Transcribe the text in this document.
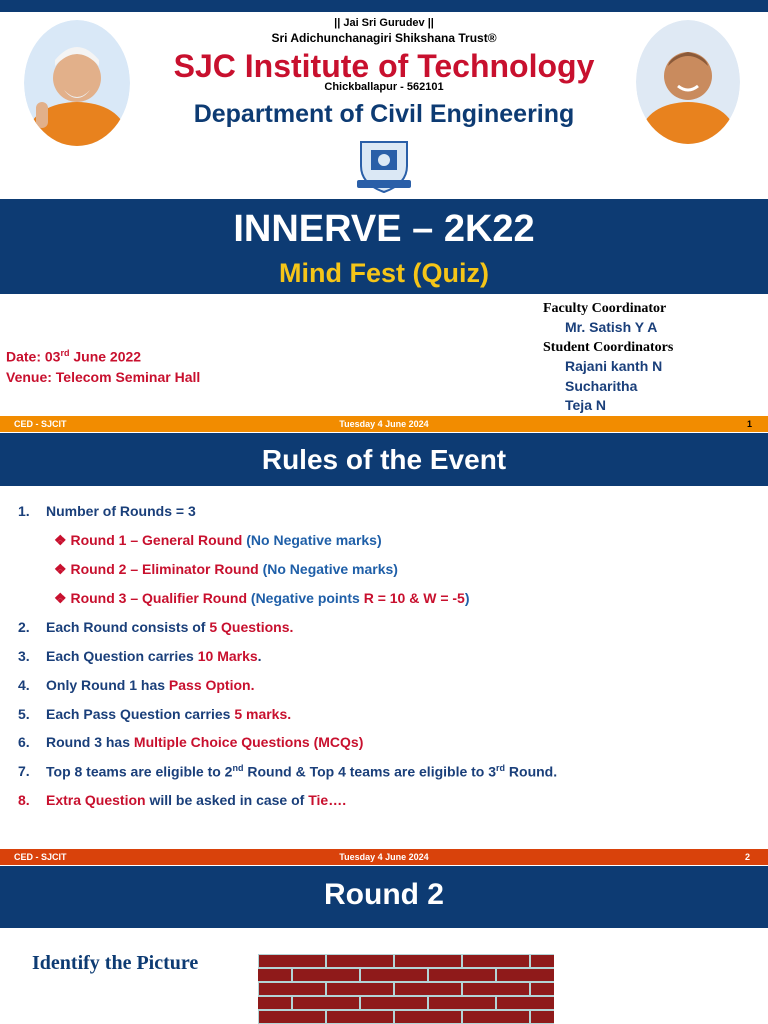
|| Jai Sri Gurudev ||
Sri Adichunchanagiri Shikshana Trust®
SJC Institute of Technology
Chickballapur - 562101
Department of Civil Engineering
INNERVE – 2K22
Mind Fest (Quiz)
Date: 03rd June 2022
Venue: Telecom Seminar Hall
Faculty Coordinator
Mr. Satish Y A
Student Coordinators
Rajani kanth N
Sucharitha
Teja N
CED - SJCIT	Tuesday 4 June 2024	1
Rules of the Event
1. Number of Rounds = 3
❖ Round 1 – General Round (No Negative marks)
❖ Round 2 – Eliminator Round (No Negative marks)
❖ Round 3 – Qualifier Round (Negative points R = 10 & W = -5)
2. Each Round consists of 5 Questions.
3. Each Question carries 10 Marks.
4. Only Round 1 has Pass Option.
5. Each Pass Question carries 5 marks.
6. Round 3 has Multiple Choice Questions (MCQs)
7. Top 8 teams are eligible to 2nd Round & Top 4 teams are eligible to 3rd Round.
8. Extra Question will be asked in case of Tie….
CED - SJCIT	Tuesday 4 June 2024	2
Round 2
Identify the Picture
